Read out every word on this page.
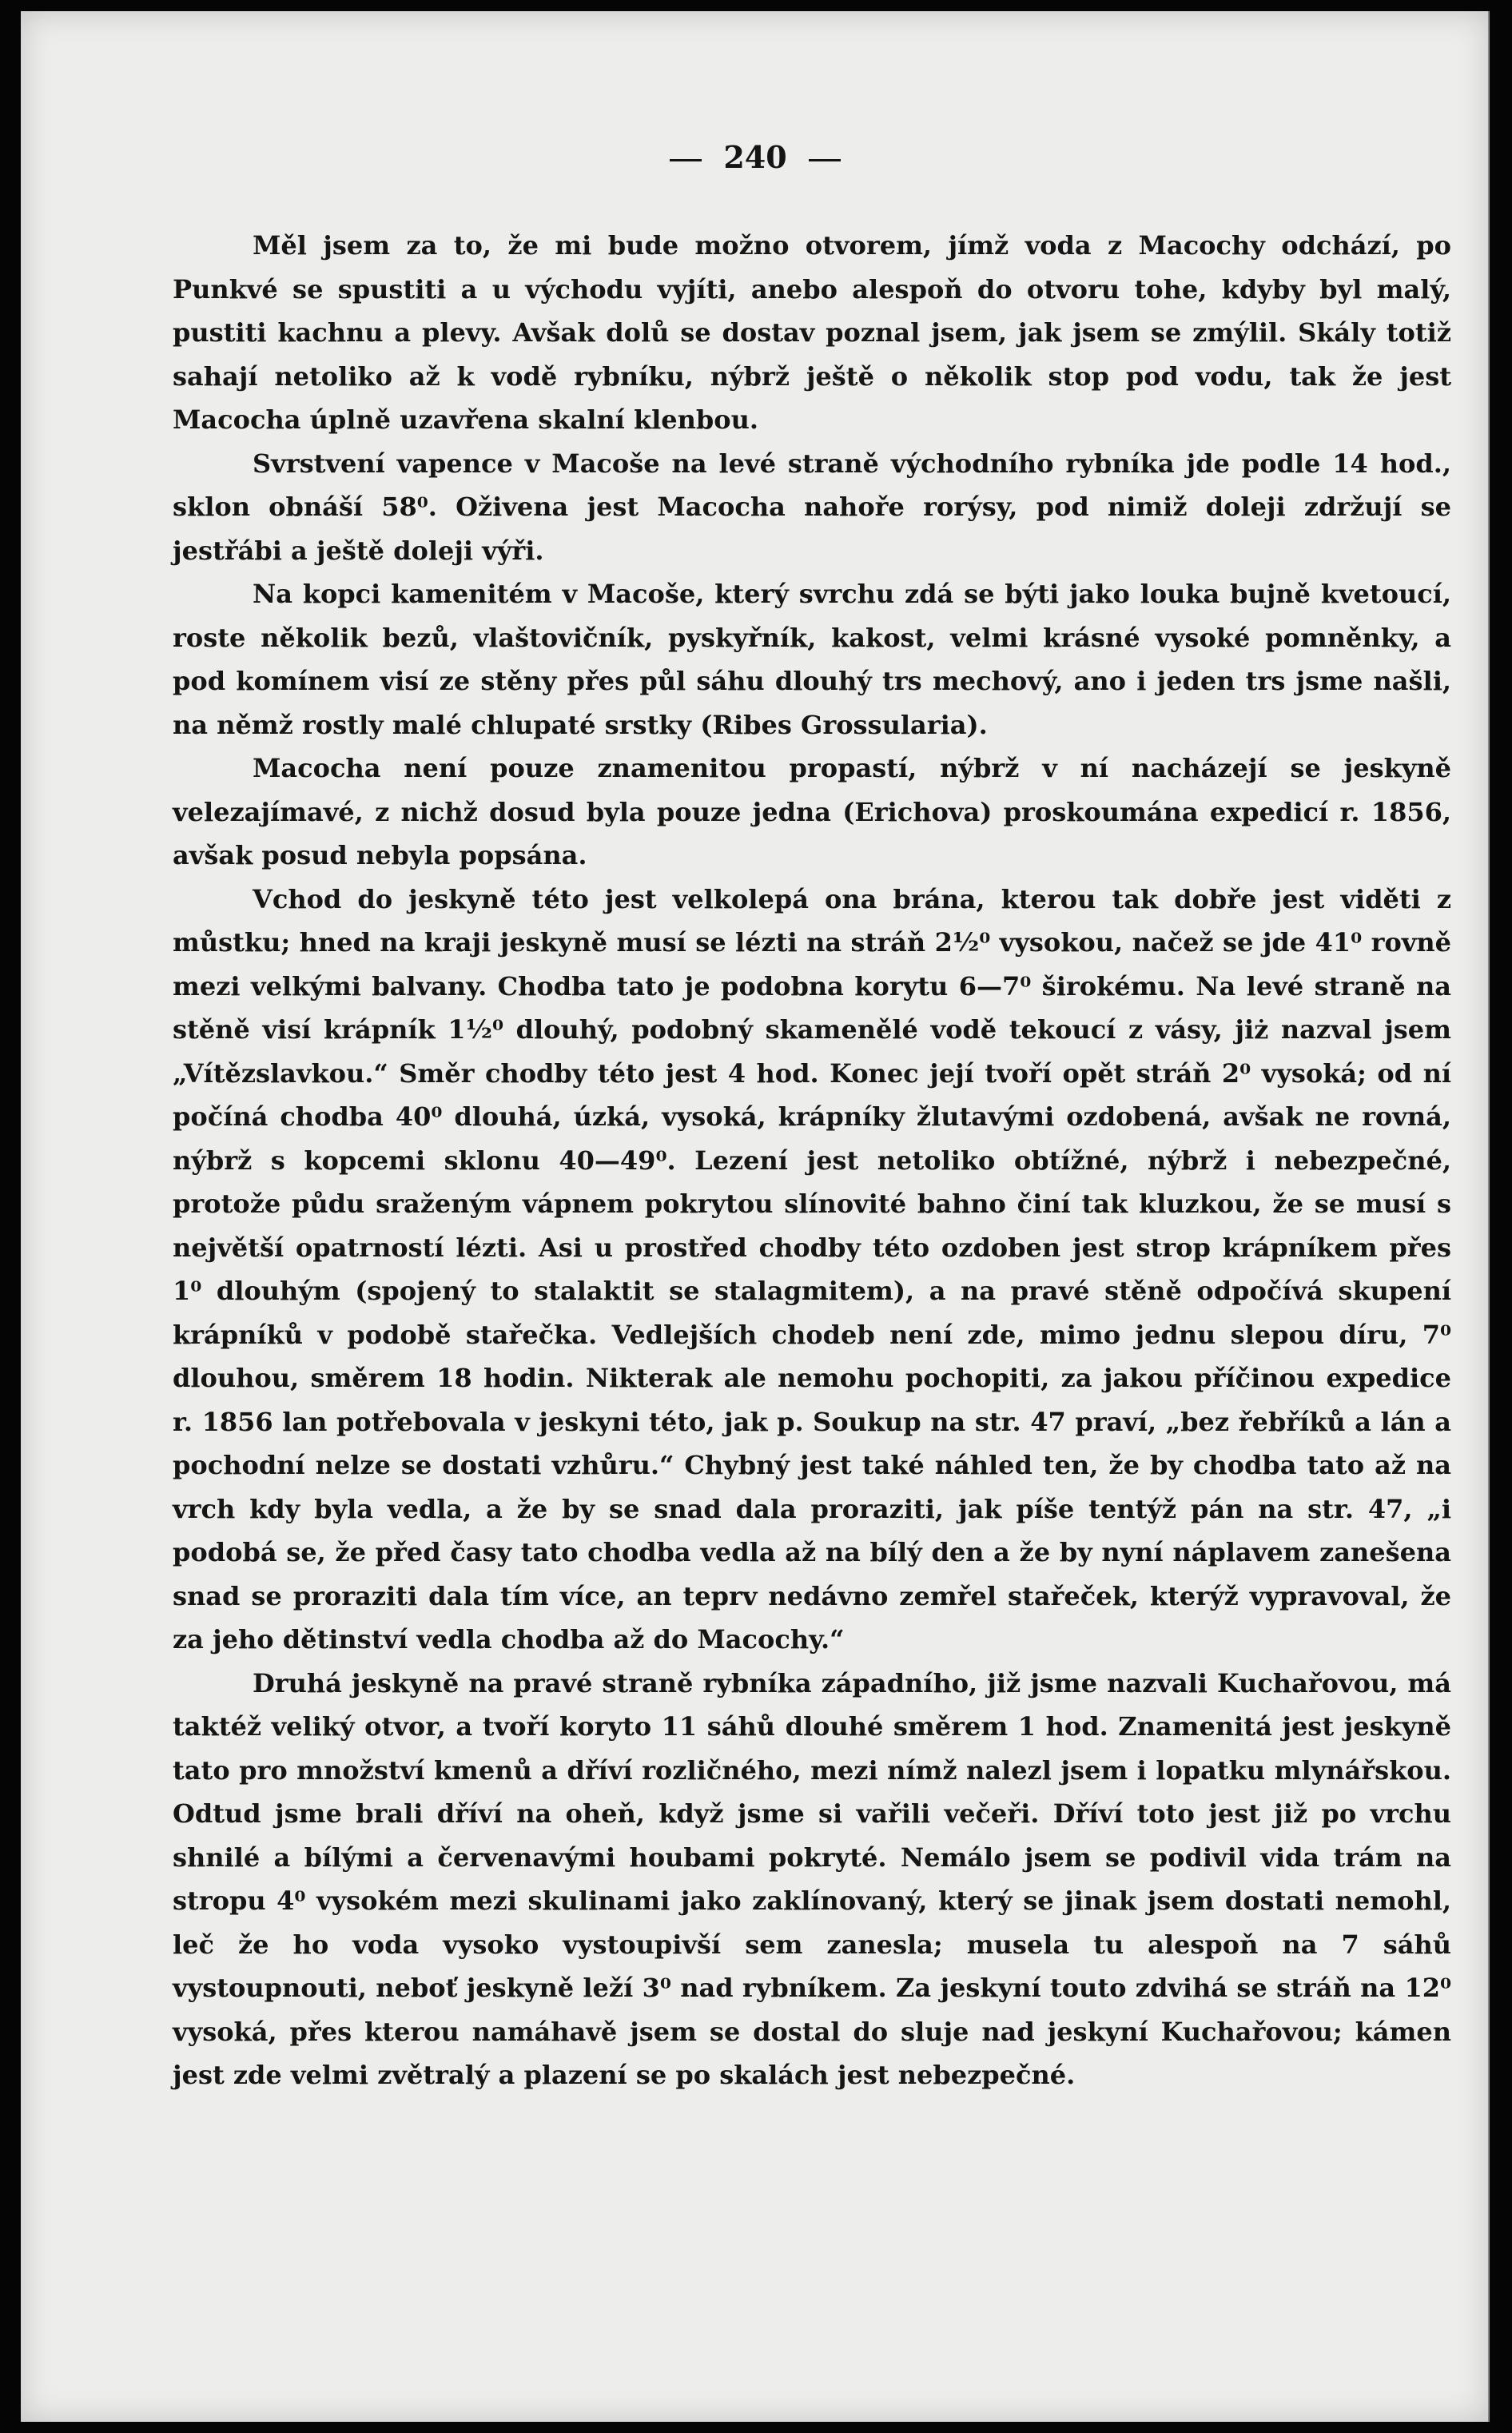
240

Měl jsem za to, že mi bude možno otvorem, jímž voda z Macochy odchází, po Punkvé se spustiti a u východu vyjíti, anebo alespoň do otvoru tohe, kdyby byl malý, pustiti kachnu a plevy. Avšak dolů se dostav poznal jsem, jak jsem se zmýlil. Skály totiž sahají netoliko až k vodě rybníku, nýbrž ještě o několik stop pod vodu, tak že jest Macocha úplně uzavřena skalní klenbou.

Svrstvení vapence v Macoše na levé straně východního rybníka jde podle 14 hod., sklon obnáší 58⁰. Oživena jest Macocha nahoře rorýsy, pod nimiž doleji zdržují se jestřábi a ještě doleji výři.

Na kopci kamenitém v Macoše, který svrchu zdá se býti jako louka bujně kvetoucí, roste několik bezů, vlaštovičník, pyskyřník, kakost, velmi krásné vysoké pomněnky, a pod komínem visí ze stěny přes půl sáhu dlouhý trs mechový, ano i jeden trs jsme našli, na němž rostly malé chlupaté srstky (Ribes Grossularia).

Macocha není pouze znamenitou propastí, nýbrž v ní nacházejí se jeskyně velezajímavé, z nichž dosud byla pouze jedna (Erichova) proskoumána expedicí r. 1856, avšak posud nebyla popsána.

Vchod do jeskyně této jest velkolepá ona brána, kterou tak dobře jest viděti z můstku; hned na kraji jeskyně musí se lézti na stráň 2½⁰ vysokou, načež se jde 41⁰ rovně mezi velkými balvany. Chodba tato je podobna korytu 6—7⁰ širokému. Na levé straně na stěně visí krápník 1½⁰ dlouhý, podobný skamenělé vodě tekoucí z vásy, jiż nazval jsem „Vítězslavkou.“ Směr chodby této jest 4 hod. Konec její tvoří opět stráň 2⁰ vysoká; od ní počíná chodba 40⁰ dlouhá, úzká, vysoká, krápníky žlutavými ozdobená, avšak ne rovná, nýbrž s kopcemi sklonu 40—49⁰. Lezení jest netoliko obtížné, nýbrž i nebezpečné, protože půdu sraženým vápnem pokrytou slínovité bahno činí tak kluzkou, že se musí s největší opatrností lézti. Asi u prostřed chodby této ozdoben jest strop krápníkem přes 1⁰ dlouhým (spojený to stalaktit se stalagmitem), a na pravé stěně odpočívá skupení krápníků v podobě stařečka. Vedlejších chodeb není zde, mimo jednu slepou díru, 7⁰ dlouhou, směrem 18 hodin. Nikterak ale nemohu pochopiti, za jakou příčinou expedice r. 1856 lan potřebovala v jeskyni této, jak p. Soukup na str. 47 praví, „bez řebříků a lán a pochodní nelze se dostati vzhůru.“ Chybný jest také náhled ten, že by chodba tato až na vrch kdy byla vedla, a že by se snad dala proraziti, jak píše tentýž pán na str. 47, „i podobá se, že před časy tato chodba vedla až na bílý den a že by nyní náplavem zanešena snad se proraziti dala tím více, an teprv nedávno zemřel stařeček, kterýž vypravoval, že za jeho dětinství vedla chodba až do Macochy.“

Druhá jeskyně na pravé straně rybníka západního, již jsme nazvali Kuchařovou, má taktéž veliký otvor, a tvoří koryto 11 sáhů dlouhé směrem 1 hod. Znamenitá jest jeskyně tato pro množství kmenů a dříví rozličného, mezi nímž nalezl jsem i lopatku mlynářskou. Odtud jsme brali dříví na oheň, když jsme si vařili večeři. Dříví toto jest již po vrchu shnilé a bílými a červenavými houbami pokryté. Nemálo jsem se podivil vida trám na stropu 4⁰ vysokém mezi skulinami jako zaklínovaný, který se jinak jsem dostati nemohl, leč že ho voda vysoko vystoupivší sem zanesla; musela tu alespoň na 7 sáhů vystoupnouti, neboť jeskyně leží 3⁰ nad rybníkem. Za jeskyní touto zdvihá se stráň na 12⁰ vysoká, přes kterou namáhavě jsem se dostal do sluje nad jeskyní Kuchařovou; kámen jest zde velmi zvětralý a plazení se po skalách jest nebezpečné.
